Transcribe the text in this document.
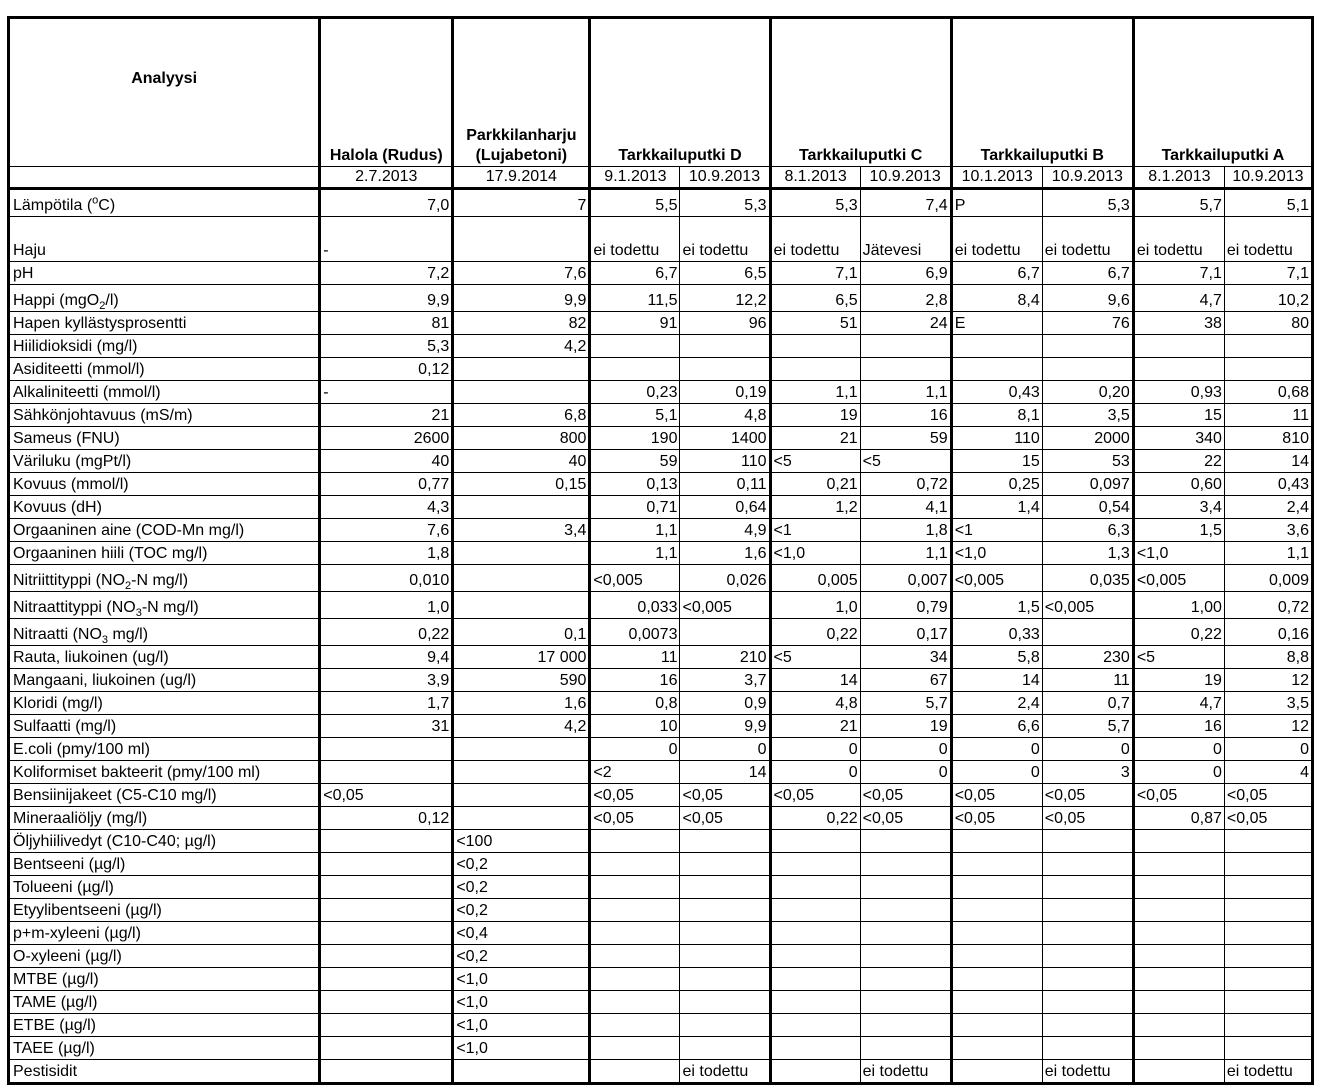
Analyysi	Halola (Rudus)	Parkkilanharju
(Lujabetoni)	Tarkkailuputki D		Tarkkailuputki C		Tarkkailuputki B		Tarkkailuputki A	
	2.7.2013	17.9.2014	9.1.2013	10.9.2013	8.1.2013	10.9.2013	10.1.2013	10.9.2013	8.1.2013	10.9.2013
Lämpötila ($^o$C)	7,0	7	5,5	5,3	5,3	7,4	P	5,3	5,7	5,1
Haju	-		ei todettu	ei todettu	ei todettu	Jätevesi	ei todettu	ei todettu	ei todettu	ei todettu
pH	7,2	7,6	6,7	6,5	7,1	6,9	6,7	6,7	7,1	7,1
Happi (mgO$_2$/l)	9,9	9,9	11,5	12,2	6,5	2,8	8,4	9,6	4,7	10,2
Hapen kyllästysprosentti	81	82	91	96	51	24	E	76	38	80
Hiilidioksidi (mg/l)	5,3	4,2								
Asiditeetti (mmol/l)	0,12									
Alkaliniteetti (mmol/l)	-		0,23	0,19	1,1	1,1	0,43	0,20	0,93	0,68
Sähkönjohtavuus (mS/m)	21	6,8	5,1	4,8	19	16	8,1	3,5	15	11
Sameus (FNU)	2600	800	190	1400	21	59	110	2000	340	810
Väriluku (mgPt/l)	40	40	59	110	<5	<5	15	53	22	14
Kovuus (mmol/l)	0,77	0,15	0,13	0,11	0,21	0,72	0,25	0,097	0,60	0,43
Kovuus (dH)	4,3		0,71	0,64	1,2	4,1	1,4	0,54	3,4	2,4
Orgaaninen aine (COD-Mn mg/l)	7,6	3,4	1,1	4,9	<1	1,8	<1	6,3	1,5	3,6
Orgaaninen hiili (TOC mg/l)	1,8		1,1	1,6	<1,0	1,1	<1,0	1,3	<1,0	1,1
Nitriittityppi ($NO_2-N$ mg/l)	0,010		<0,005	0,026	0,005	0,007	<0,005	0,035	<0,005	0,009
Nitraattityppi ($NO_3-N$ mg/l)	1,0		0,033	<0,005	1,0	0,79	1,5	<0,005	1,00	0,72
Nitraatti ($NO_3$ mg/l)	0,22	0,1	0,0073		0,22	0,17	0,33		0,22	0,16
Rauta, liukoinen (ug/l)	9,4	17 000	11	210	<5	34	5,8	230	<5	8,8
Mangaani, liukoinen (ug/l)	3,9	590	16	3,7	14	67	14	11	19	12
Kloridi (mg/l)	1,7	1,6	0,8	0,9	4,8	5,7	2,4	0,7	4,7	3,5
Sulfaatti (mg/l)	31	4,2	10	9,9	21	19	6,6	5,7	16	12
E.coli (pmy/100 ml)			0	0	0	0	0	0	0	0
Koliformiset bakteerit (pmy/100 ml)			<2	14	0	0	0	3	0	4
Bensiinijakeet (C5-C10 mg/l)	<0,05		<0,05	<0,05	<0,05	<0,05	<0,05	<0,05	<0,05	<0,05
Mineraaliöljy (mg/l)	0,12		<0,05	<0,05	0,22	<0,05	<0,05	<0,05	0,87	<0,05
Öljyhiilivedyt (C10-C40; µg/l)		<100								
Bentseeni (µg/l)		<0,2								
Tolueeni (µg/l)		<0,2								
Etyylibentseeni (µg/l)		<0,2								
p+m-xyleeni (µg/l)		<0,4								
O-xyleeni (µg/l)		<0,2								
MTBE (µg/l)		<1,0								
TAME (µg/l)		<1,0								
ETBE (µg/l)		<1,0								
TAEE (µg/l)		<1,0								
Pestisidit				ei todettu		ei todettu		ei todettu		ei todettu
